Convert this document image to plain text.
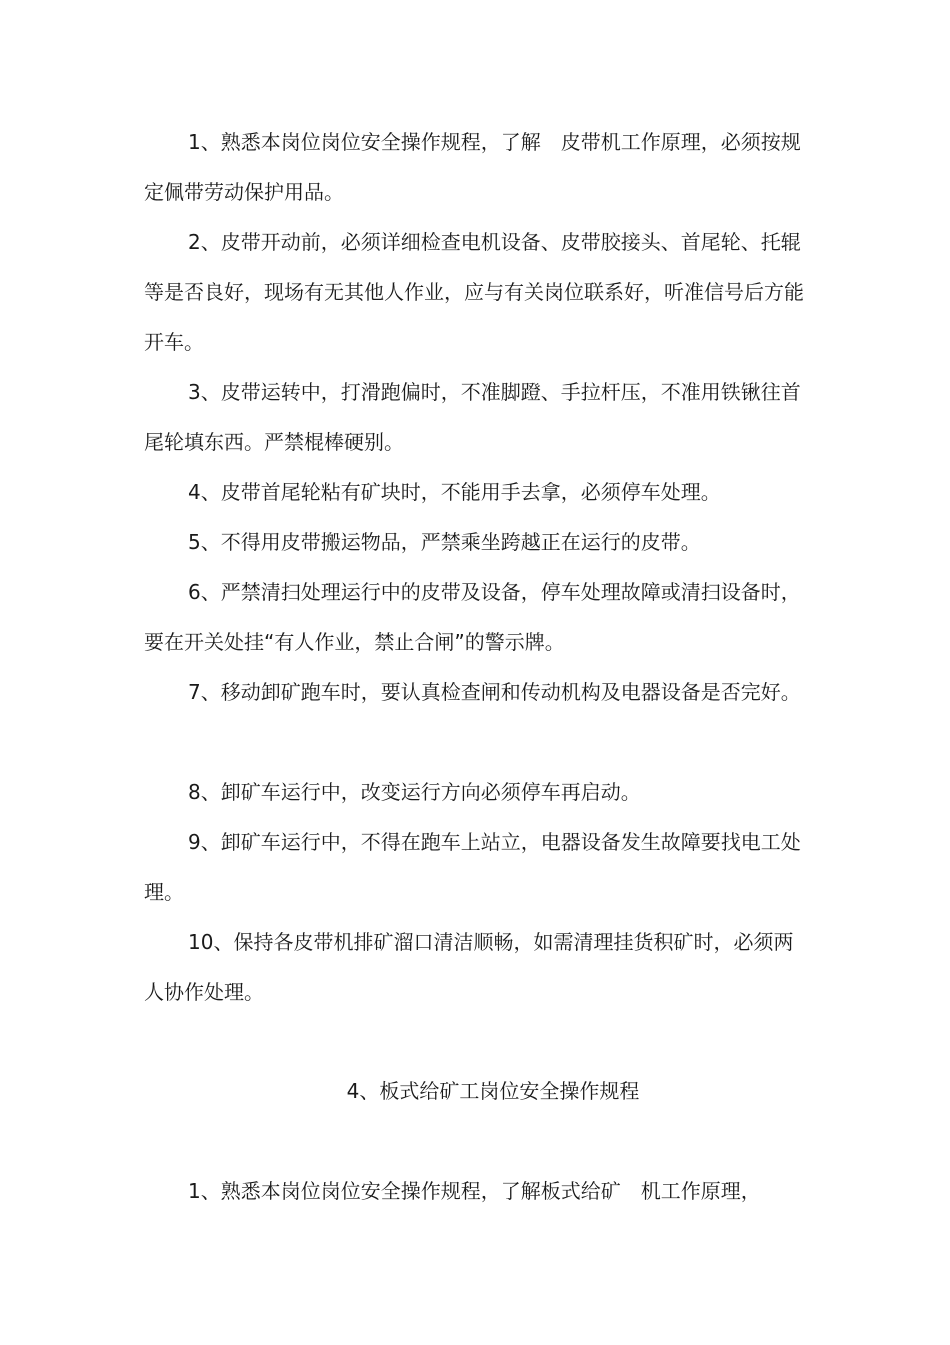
1、熟悉本岗位岗位安全操作规程，了解　皮带机工作原理，必须按规定佩带劳动保护用品。

2、皮带开动前，必须详细检查电机设备、皮带胶接头、首尾轮、托辊等是否良好，现场有无其他人作业，应与有关岗位联系好，听准信号后方能开车。

3、皮带运转中，打滑跑偏时，不准脚蹬、手拉杆压，不准用铁锹往首尾轮填东西。严禁棍棒硬别。

4、皮带首尾轮粘有矿块时，不能用手去拿，必须停车处理。

5、不得用皮带搬运物品，严禁乘坐跨越正在运行的皮带。

6、严禁清扫处理运行中的皮带及设备，停车处理故障或清扫设备时，要在开关处挂“有人作业，禁止合闸”的警示牌。

7、移动卸矿跑车时，要认真检查闸和传动机构及电器设备是否完好。

8、卸矿车运行中，改变运行方向必须停车再启动。

9、卸矿车运行中，不得在跑车上站立，电器设备发生故障要找电工处理。

10、保持各皮带机排矿溜口清洁顺畅，如需清理挂货积矿时，必须两人协作处理。

4、板式给矿工岗位安全操作规程

1、熟悉本岗位岗位安全操作规程，了解板式给矿　机工作原理，
